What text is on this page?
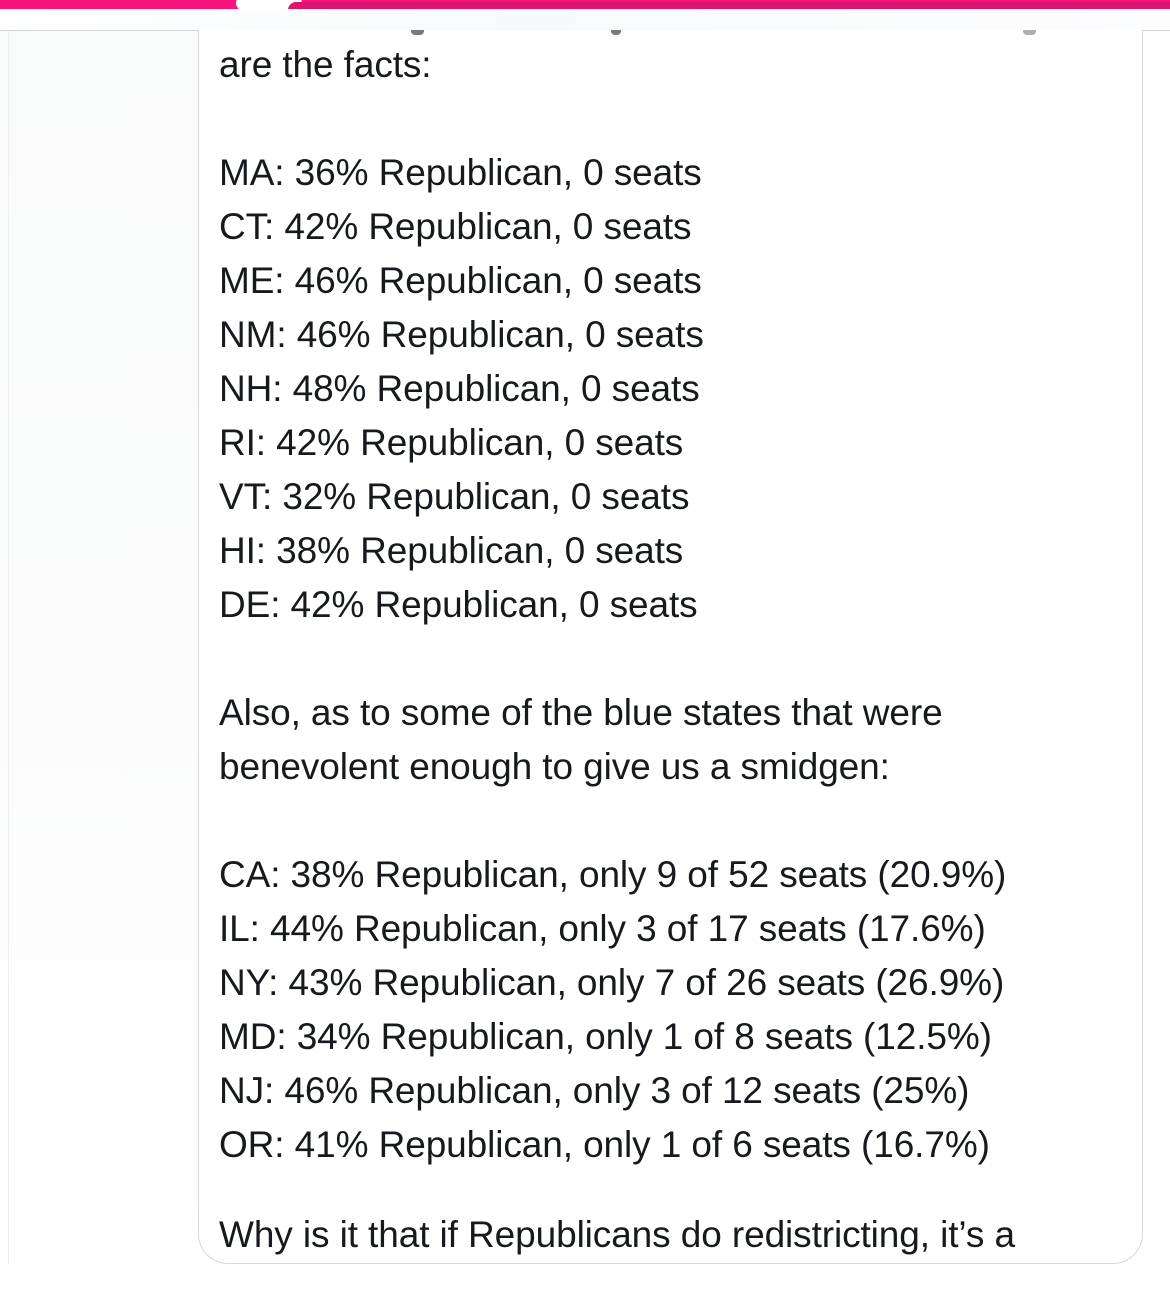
are the facts:

MA: 36% Republican, 0 seats
CT: 42% Republican, 0 seats
ME: 46% Republican, 0 seats
NM: 46% Republican, 0 seats
NH: 48% Republican, 0 seats
RI: 42% Republican, 0 seats
VT: 32% Republican, 0 seats
HI: 38% Republican, 0 seats
DE: 42% Republican, 0 seats

Also, as to some of the blue states that were
benevolent enough to give us a smidgen:

CA: 38% Republican, only 9 of 52 seats (20.9%)
IL: 44% Republican, only 3 of 17 seats (17.6%)
NY: 43% Republican, only 7 of 26 seats (26.9%)
MD: 34% Republican, only 1 of 8 seats (12.5%)
NJ: 46% Republican, only 3 of 12 seats (25%)
OR: 41% Republican, only 1 of 6 seats (16.7%)

Why is it that if Republicans do redistricting, it’s a
